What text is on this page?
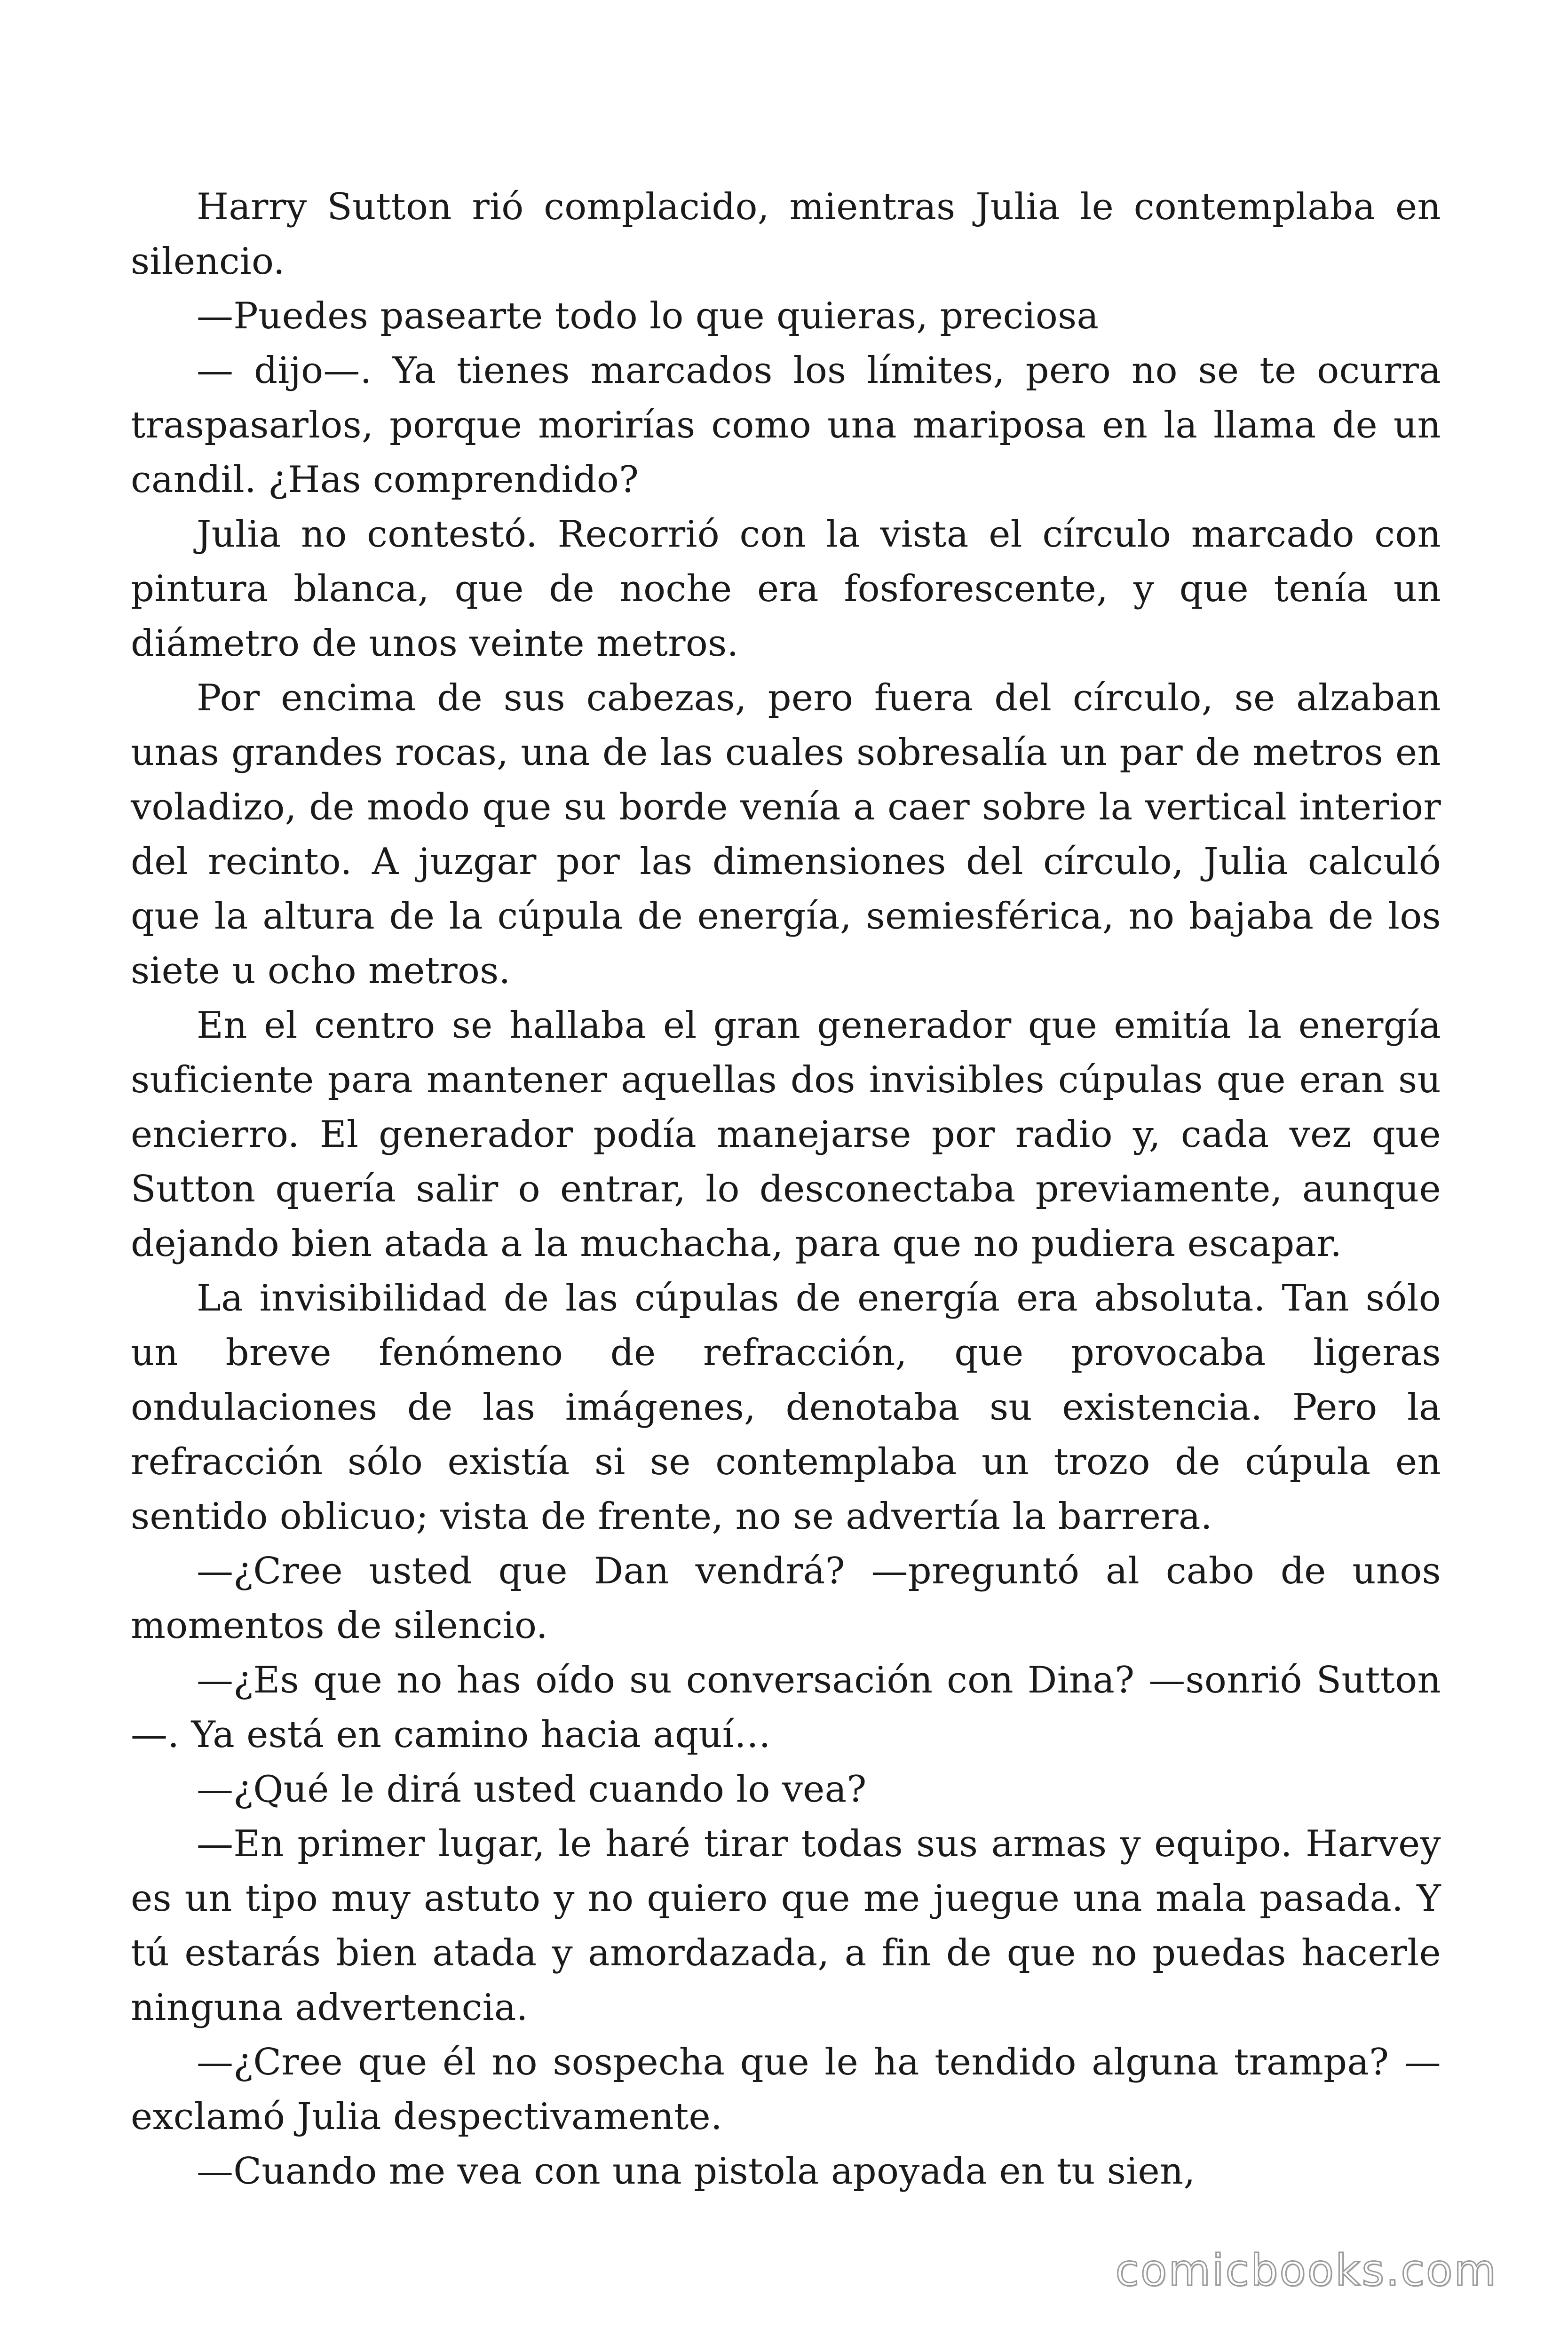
Harry Sutton rió complacido, mientras Julia le contemplaba en silencio.

—Puedes pasearte todo lo que quieras, preciosa

— dijo—. Ya tienes marcados los límites, pero no se te ocurra traspasarlos, porque morirías como una mariposa en la llama de un candil. ¿Has comprendido?

Julia no contestó. Recorrió con la vista el círculo marcado con pintura blanca, que de noche era fosforescente, y que tenía un diámetro de unos veinte metros.

Por encima de sus cabezas, pero fuera del círculo, se alzaban unas grandes rocas, una de las cuales sobresalía un par de metros en voladizo, de modo que su borde venía a caer sobre la vertical interior del recinto. A juzgar por las dimensiones del círculo, Julia calculó que la altura de la cúpula de energía, semiesférica, no bajaba de los siete u ocho metros.

En el centro se hallaba el gran generador que emitía la energía suficiente para mantener aquellas dos invisibles cúpulas que eran su encierro. El generador podía manejarse por radio y, cada vez que Sutton quería salir o entrar, lo desconectaba previamente, aunque dejando bien atada a la muchacha, para que no pudiera escapar.

La invisibilidad de las cúpulas de energía era absoluta. Tan sólo un breve fenómeno de refracción, que provocaba ligeras ondulaciones de las imágenes, denotaba su existencia. Pero la refracción sólo existía si se contemplaba un trozo de cúpula en sentido oblicuo; vista de frente, no se advertía la barrera.

—¿Cree usted que Dan vendrá? —preguntó al cabo de unos momentos de silencio.

—¿Es que no has oído su conversación con Dina? —sonrió Sutton—. Ya está en camino hacia aquí…

—¿Qué le dirá usted cuando lo vea?

—En primer lugar, le haré tirar todas sus armas y equipo. Harvey es un tipo muy astuto y no quiero que me juegue una mala pasada. Y tú estarás bien atada y amordazada, a fin de que no puedas hacerle ninguna advertencia.

—¿Cree que él no sospecha que le ha tendido alguna trampa? —exclamó Julia despectivamente.

—Cuando me vea con una pistola apoyada en tu sien,

comicbooks.com
